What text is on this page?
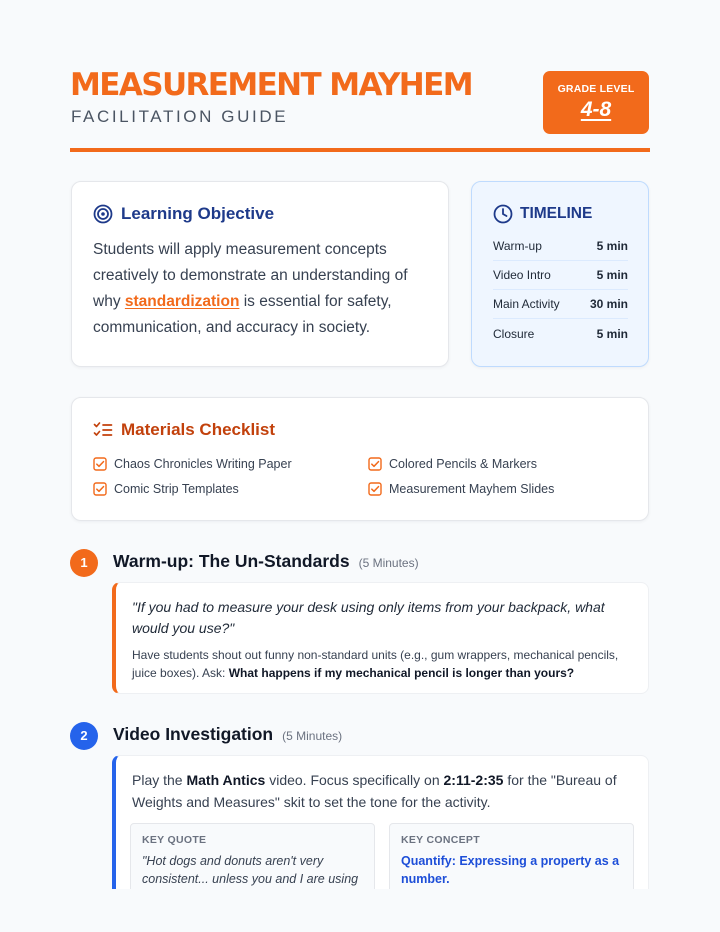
MEASUREMENT MAYHEM
FACILITATION GUIDE
GRADE LEVEL
4-8
Learning Objective

Students will apply measurement concepts creatively to demonstrate an understanding of why standardization is essential for safety, communication, and accuracy in society.

TIMELINE
Warm-up	5 min
Video Intro	5 min
Main Activity	30 min
Closure	5 min
Materials Checklist
Chaos Chronicles Writing Paper	Colored Pencils & Markers
Comic Strip Templates	Measurement Mayhem Slides
1	Warm-up: The Un-Standards (5 Minutes)

"If you had to measure your desk using only items from your backpack, what would you use?"

Have students shout out funny non-standard units (e.g., gum wrappers, mechanical pencils, juice boxes). Ask: What happens if my mechanical pencil is longer than yours?

2	Video Investigation (5 Minutes)

Play the Math Antics video. Focus specifically on 2:11-2:35 for the "Bureau of Weights and Measures" skit to set the tone for the activity.

KEY QUOTE
"Hot dogs and donuts aren't very consistent... unless you and I are using
KEY CONCEPT
Quantify: Expressing a property as a number.
